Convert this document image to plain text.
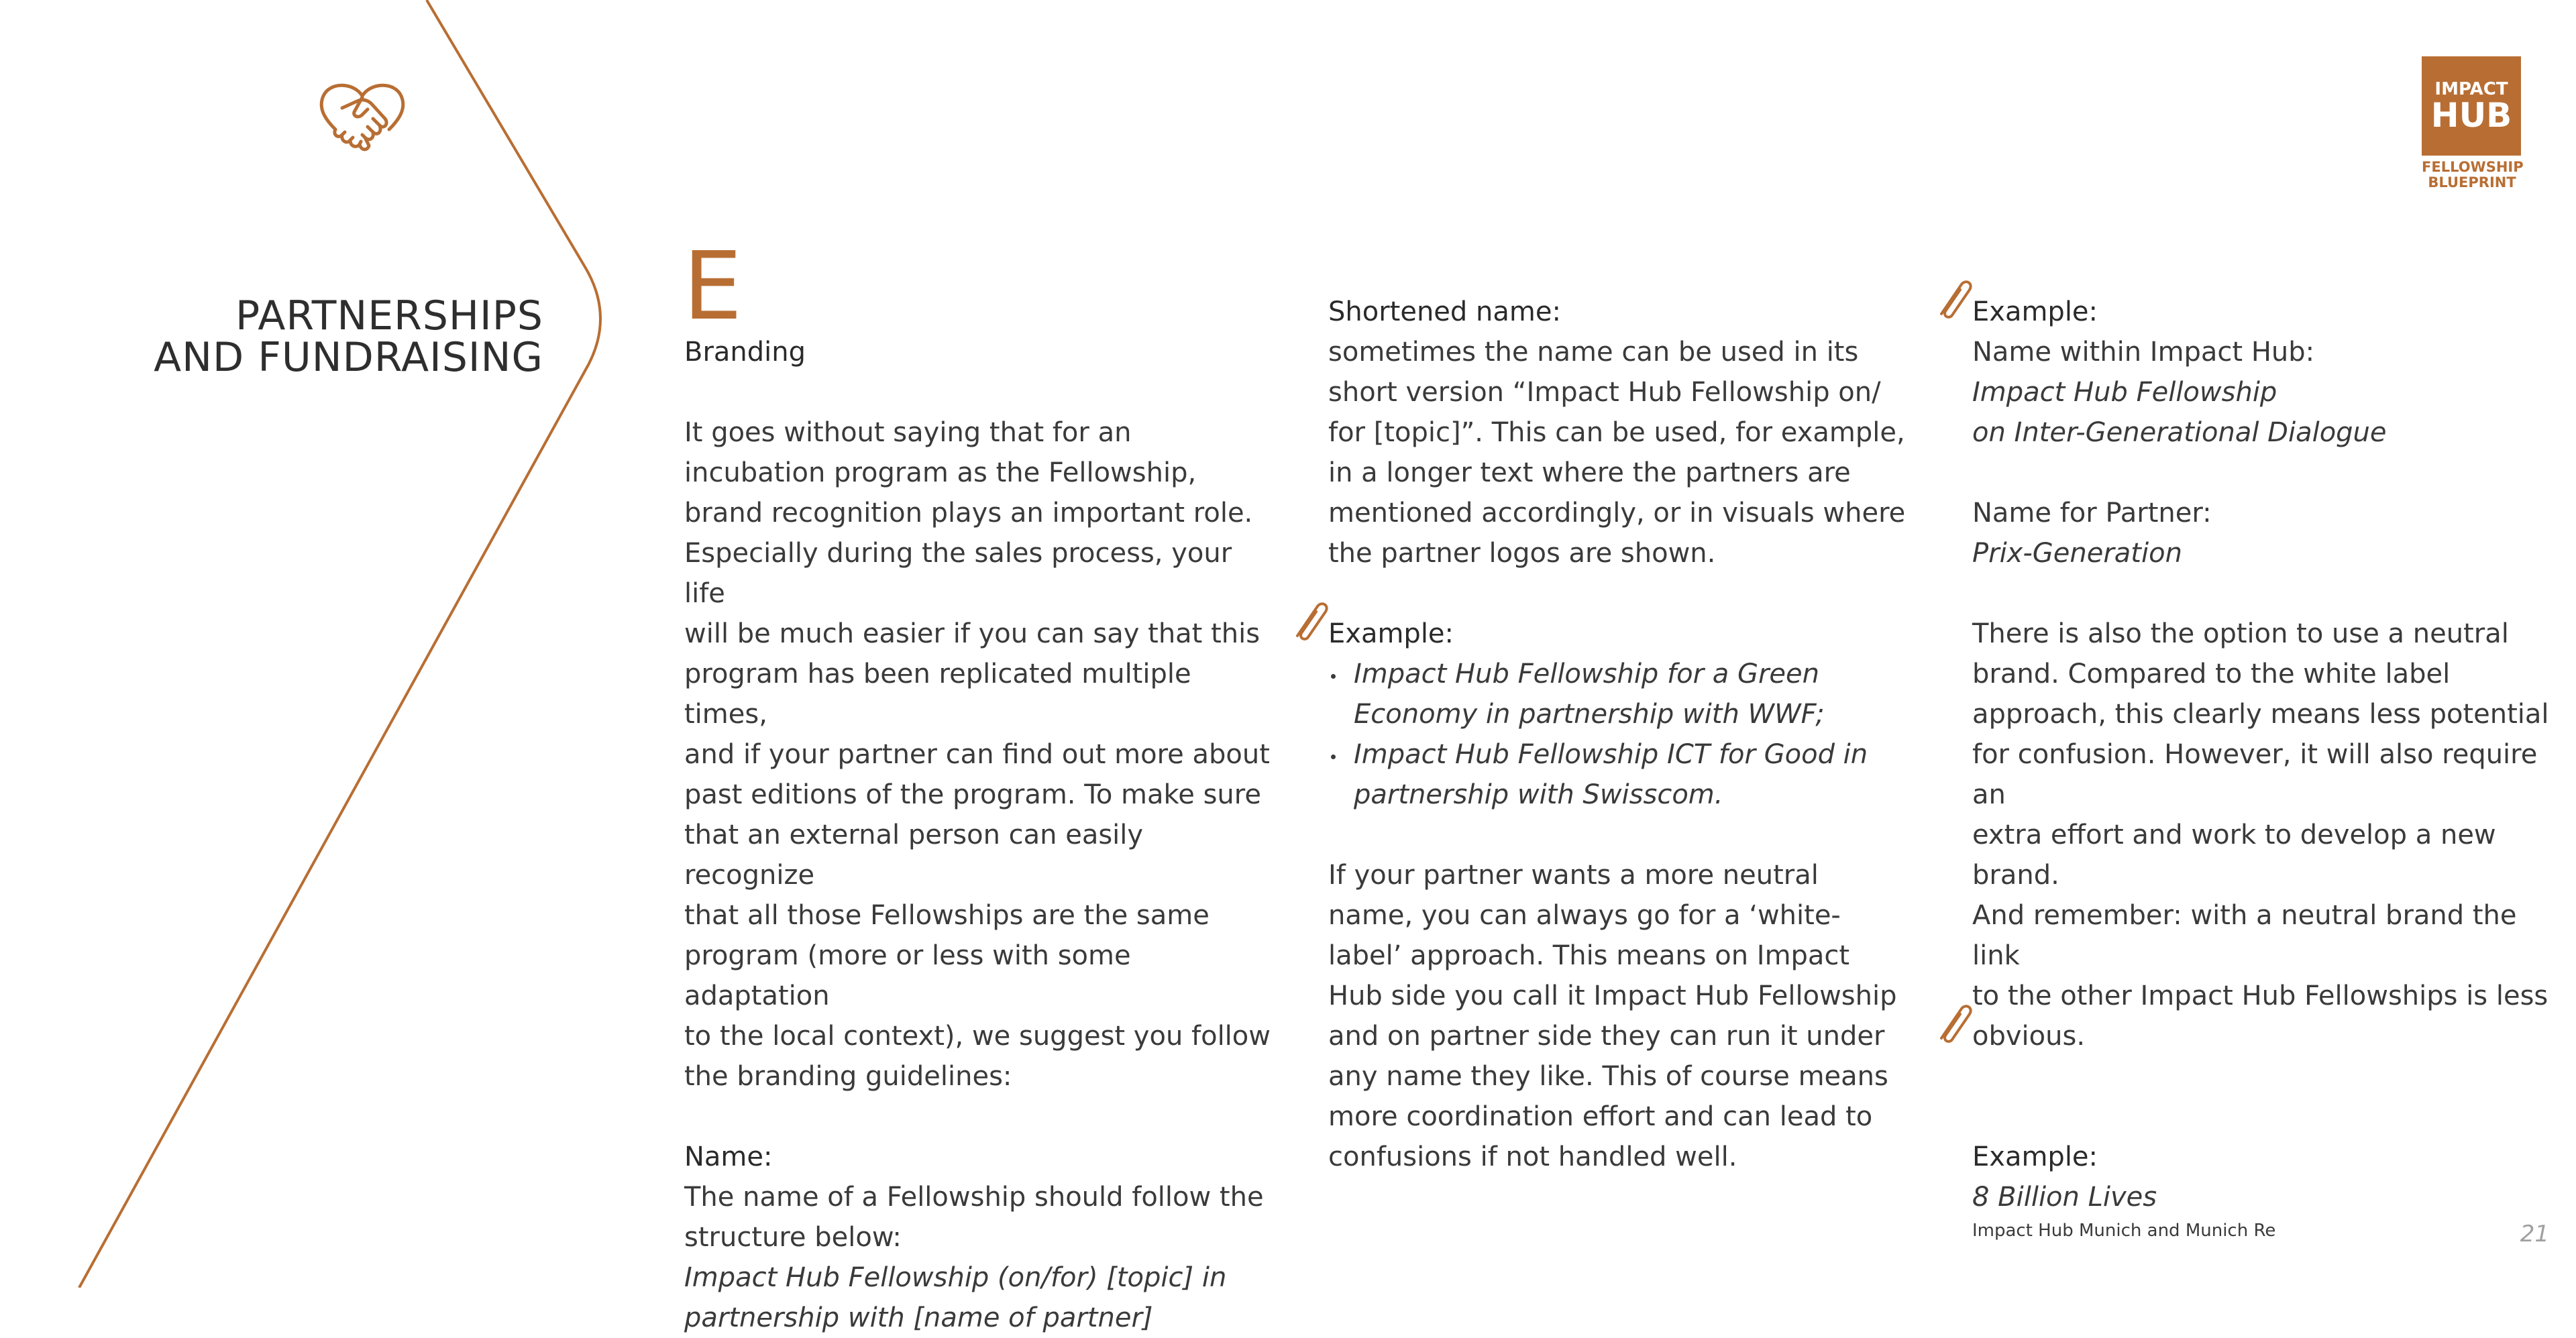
PARTNERSHIPS
AND FUNDRAISING
IMPACT
HUB
FELLOWSHIP
BLUEPRINT
E

Branding

It goes without saying that for an

incubation program as the Fellowship,

brand recognition plays an important role.

Especially during the sales process, your life

will be much easier if you can say that this

program has been replicated multiple times,

and if your partner can find out more about

past editions of the program. To make sure

that an external person can easily recognize

that all those Fellowships are the same

program (more or less with some adaptation

to the local context), we suggest you follow

the branding guidelines:

Name:

The name of a Fellowship should follow the

structure below:

Impact Hub Fellowship (on/for) [topic] in

partnership with [name of partner]

Shortened name:

sometimes the name can be used in its

short version “Impact Hub Fellowship on/

for [topic]”. This can be used, for example,

in a longer text where the partners are

mentioned accordingly, or in visuals where

the partner logos are shown.

Example:

Impact Hub Fellowship for a Green
Economy in partnership with WWF;
Impact Hub Fellowship ICT for Good in
partnership with Swisscom.

If your partner wants a more neutral

name, you can always go for a ‘white-

label’ approach. This means on Impact

Hub side you call it Impact Hub Fellowship

and on partner side they can run it under

any name they like. This of course means

more coordination effort and can lead to

confusions if not handled well.

Example:

Name within Impact Hub:

Impact Hub Fellowship

on Inter-Generational Dialogue

Name for Partner:

Prix-Generation

There is also the option to use a neutral

brand. Compared to the white label

approach, this clearly means less potential

for confusion. However, it will also require an

extra effort and work to develop a new brand.

And remember: with a neutral brand the link

to the other Impact Hub Fellowships is less

obvious.

Example:

8 Billion Lives

Impact Hub Munich and Munich Re	21
